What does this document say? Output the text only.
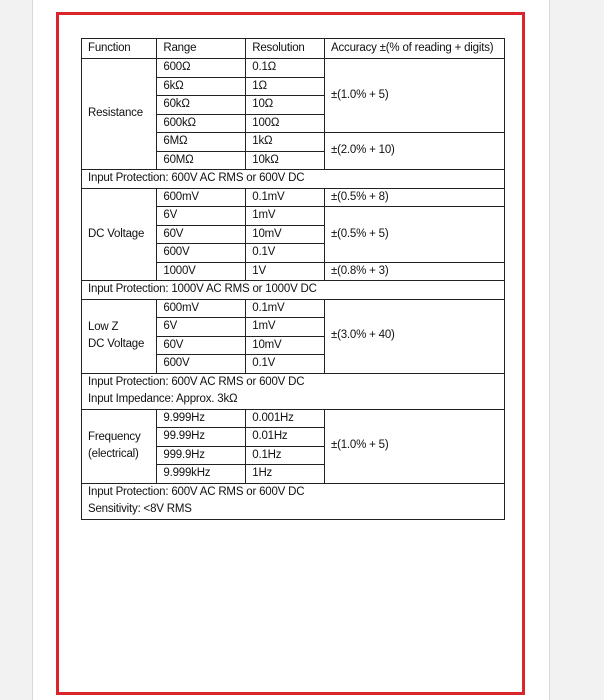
Function	Range	Resolution	Accuracy ±(% of reading + digits)
Resistance	600Ω	0.1Ω	±(1.0% + 5)
	6kΩ	1Ω	
	60kΩ	10Ω	
	600kΩ	100Ω	
	6MΩ	1kΩ	±(2.0% + 10)
	60MΩ	10kΩ	
Input Protection: 600V AC RMS or 600V DC			
DC Voltage	600mV	0.1mV	±(0.5% + 8)
	6V	1mV	±(0.5% + 5)
	60V	10mV	
	600V	0.1V	
	1000V	1V	±(0.8% + 3)
Input Protection: 1000V AC RMS or 1000V DC			

Low Z
DC Voltage	600mV	0.1mV	±(3.0% + 40)
	6V	1mV	
	60V	10mV	
	600V	0.1V	

Input Protection: 600V AC RMS or 600V DC
Input Impedance: Approx. 3kΩ			

Frequency
(electrical)	9.999Hz	0.001Hz	±(1.0% + 5)
	99.99Hz	0.01Hz	
	999.9Hz	0.1Hz	
	9.999kHz	1Hz	

Input Protection: 600V AC RMS or 600V DC
Sensitivity: <8V RMS			
